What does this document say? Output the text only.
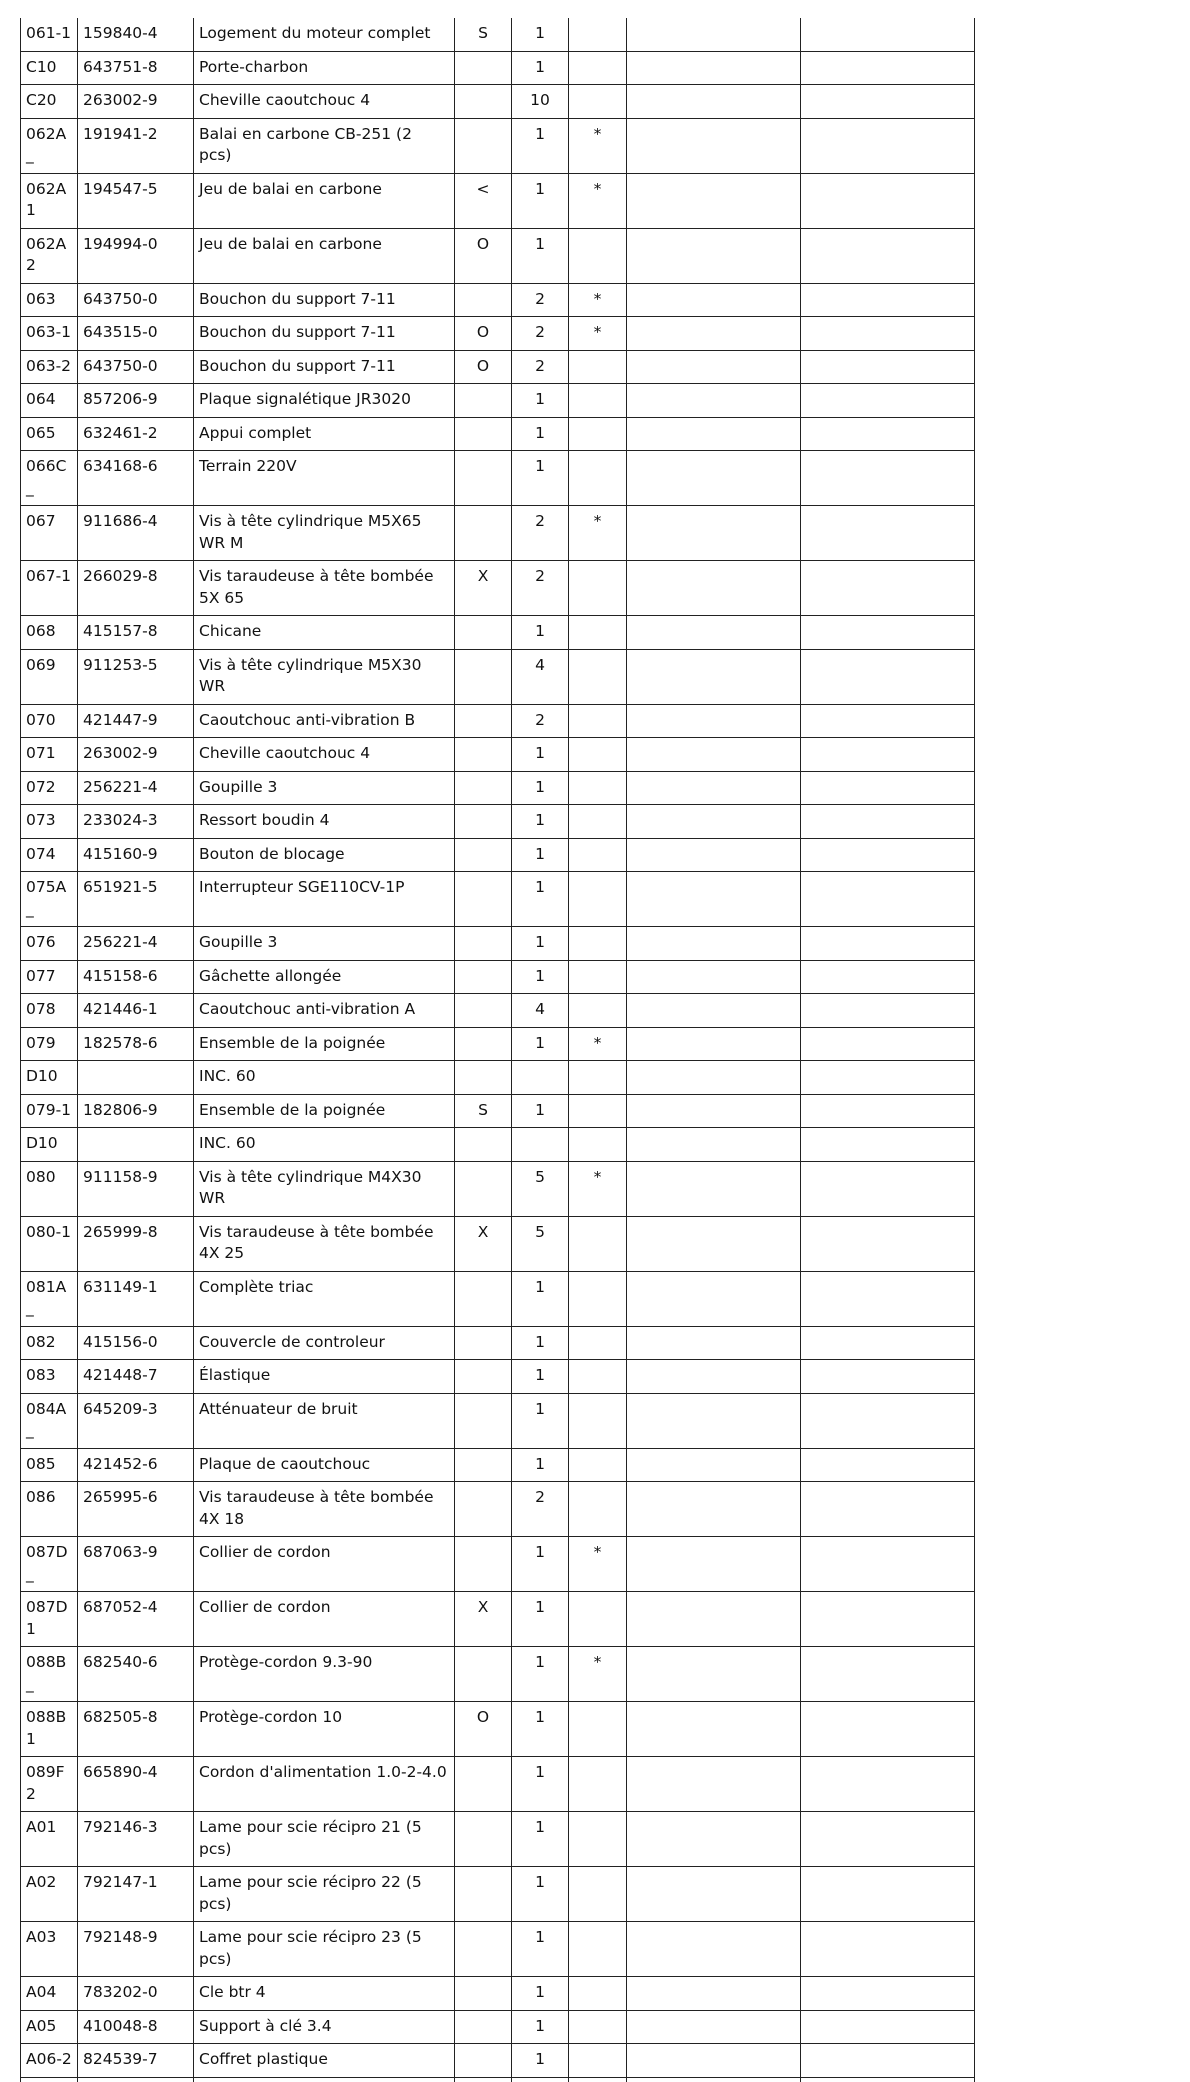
061-1	159840-4	Logement du moteur complet	S	1			
C10	643751-8	Porte-charbon		1			
C20	263002-9	Cheville caoutchouc 4		10			
062A_	191941-2	Balai en carbone CB-251 (2 pcs)		1	*		
062A1	194547-5	Jeu de balai en carbone	<	1	*		
062A2	194994-0	Jeu de balai en carbone	O	1			
063	643750-0	Bouchon du support 7-11		2	*		
063-1	643515-0	Bouchon du support 7-11	O	2	*		
063-2	643750-0	Bouchon du support 7-11	O	2			
064	857206-9	Plaque signalétique JR3020		1			
065	632461-2	Appui complet		1			
066C_	634168-6	Terrain 220V		1			
067	911686-4	Vis à tête cylindrique M5X65 WR M		2	*		
067-1	266029-8	Vis taraudeuse à tête bombée 5X 65	X	2			
068	415157-8	Chicane		1			
069	911253-5	Vis à tête cylindrique M5X30 WR		4			
070	421447-9	Caoutchouc anti-vibration B		2			
071	263002-9	Cheville caoutchouc 4		1			
072	256221-4	Goupille 3		1			
073	233024-3	Ressort boudin 4		1			
074	415160-9	Bouton de blocage		1			
075A_	651921-5	Interrupteur SGE110CV-1P		1			
076	256221-4	Goupille 3		1			
077	415158-6	Gâchette allongée		1			
078	421446-1	Caoutchouc anti-vibration A		4			
079	182578-6	Ensemble de la poignée		1	*		
D10		INC. 60					
079-1	182806-9	Ensemble de la poignée	S	1			
D10		INC. 60					
080	911158-9	Vis à tête cylindrique M4X30 WR		5	*		
080-1	265999-8	Vis taraudeuse à tête bombée 4X 25	X	5			
081A_	631149-1	Complète triac		1			
082	415156-0	Couvercle de controleur		1			
083	421448-7	Élastique		1			
084A_	645209-3	Atténuateur de bruit		1			
085	421452-6	Plaque de caoutchouc		1			
086	265995-6	Vis taraudeuse à tête bombée 4X 18		2			
087D_	687063-9	Collier de cordon		1	*		
087D1	687052-4	Collier de cordon	X	1			
088B_	682540-6	Protège-cordon 9.3-90		1	*		
088B1	682505-8	Protège-cordon 10	O	1			
089F2	665890-4	Cordon d'alimentation 1.0-2-4.0		1			
A01	792146-3	Lame pour scie récipro 21 (5 pcs)		1			
A02	792147-1	Lame pour scie récipro 22 (5 pcs)		1			
A03	792148-9	Lame pour scie récipro 23 (5 pcs)		1			
A04	783202-0	Cle btr 4		1			
A05	410048-8	Support à clé 3.4		1			
A06-2	824539-7	Coffret plastique		1			
